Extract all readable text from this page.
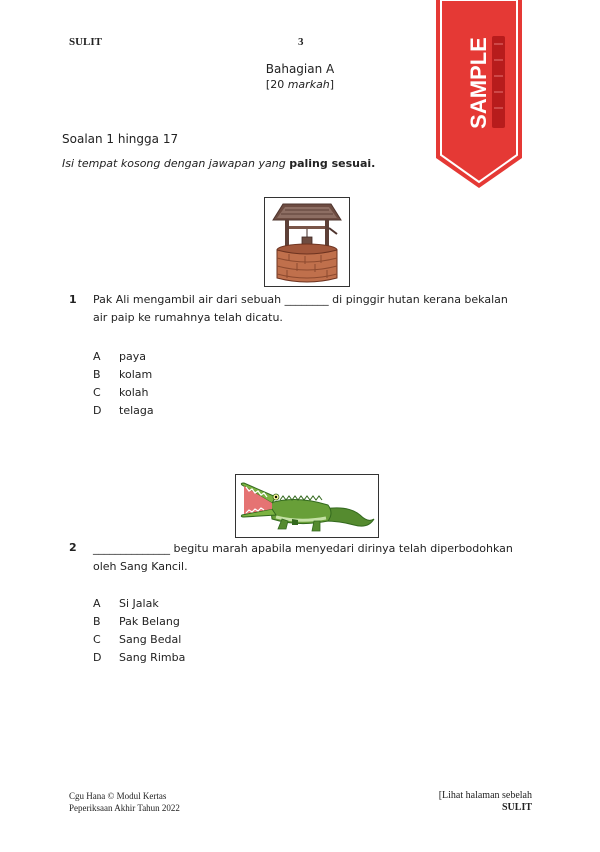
SULIT	3	SAMPLE
Bahagian A
[20 markah]
Soalan 1 hingga 17
Isi tempat kosong dengan jawapan yang paling sesuai.
1 Pak Ali mengambil air dari sebuah ________ di pinggir hutan kerana bekalan
air paip ke rumahnya telah dicatu.
A paya
B kolam
C kolah
D telaga
2 ______________ begitu marah apabila menyedari dirinya telah diperbodohkan
oleh Sang Kancil.
A Si Jalak
B Pak Belang
C Sang Bedal
D Sang Rimba
Cgu Hana © Modul Kertas
Peperiksaan Akhir Tahun 2022
[Lihat halaman sebelah
SULIT
